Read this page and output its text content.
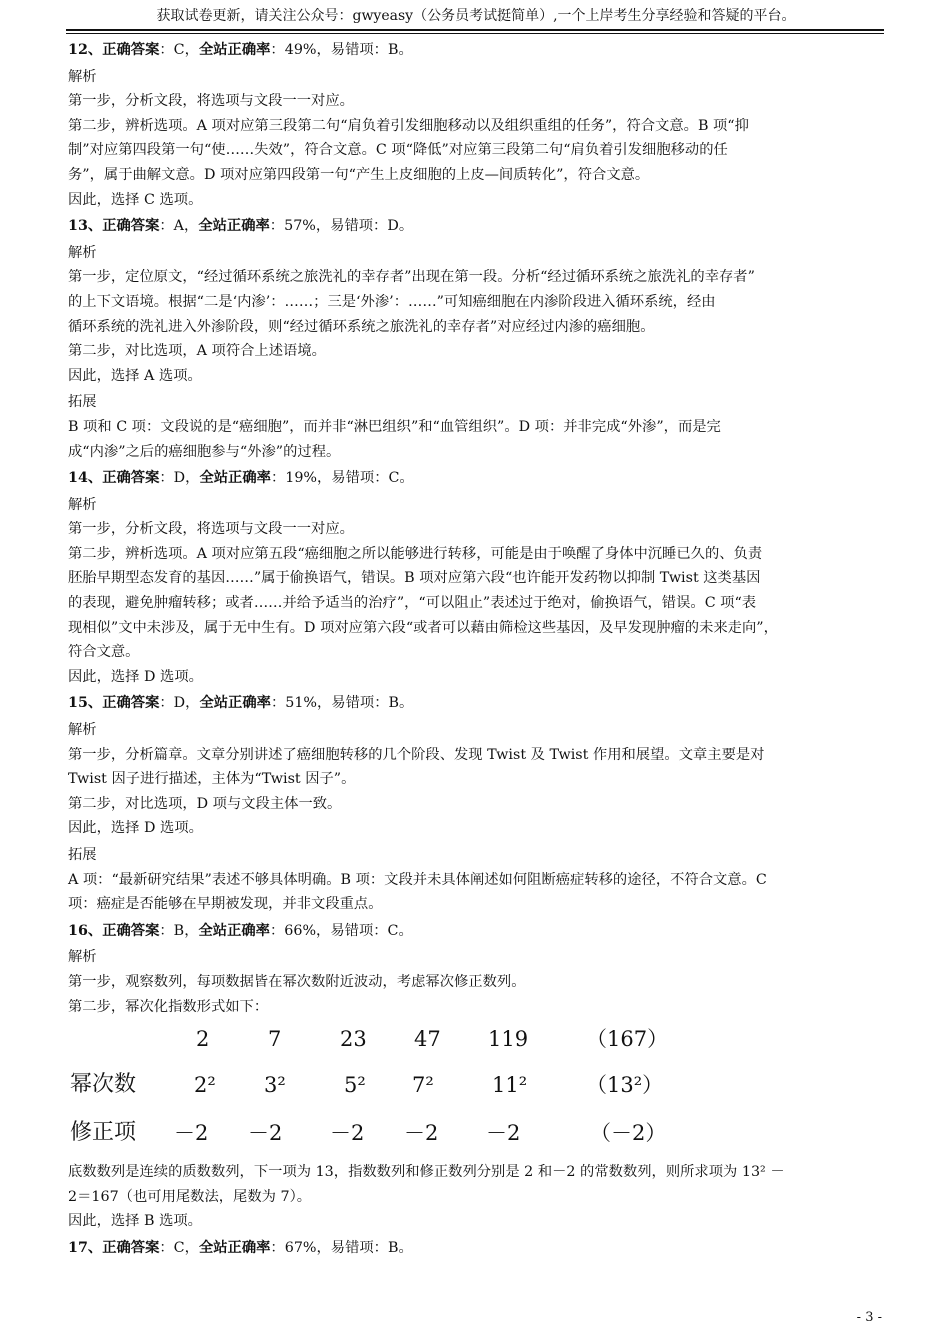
获取试卷更新，请关注公众号：gwyeasy（公务员考试挺简单）,一个上岸考生分享经验和答疑的平台。
12、正确答案：C，全站正确率：49%，易错项：B。
解析
第一步，分析文段，将选项与文段一一对应。
第二步，辨析选项。A 项对应第三段第二句“肩负着引发细胞移动以及组织重组的任务”，符合文意。B 项“抑
制”对应第四段第一句“使……失效”，符合文意。C 项“降低”对应第三段第二句“肩负着引发细胞移动的任
务”，属于曲解文意。D 项对应第四段第一句“产生上皮细胞的上皮—间质转化”，符合文意。
因此，选择 C 选项。
13、正确答案：A，全站正确率：57%，易错项：D。
解析
第一步，定位原文，“经过循环系统之旅洗礼的幸存者”出现在第一段。分析“经过循环系统之旅洗礼的幸存者”
的上下文语境。根据“二是‘内渗’：……；三是‘外渗’：……”可知癌细胞在内渗阶段进入循环系统，经由
循环系统的洗礼进入外渗阶段，则“经过循环系统之旅洗礼的幸存者”对应经过内渗的癌细胞。
第二步，对比选项，A 项符合上述语境。
因此，选择 A 选项。
拓展
B 项和 C 项：文段说的是“癌细胞”，而并非“淋巴组织”和“血管组织”。D 项：并非完成“外渗”，而是完
成“内渗”之后的癌细胞参与“外渗”的过程。
14、正确答案：D，全站正确率：19%，易错项：C。
解析
第一步，分析文段，将选项与文段一一对应。
第二步，辨析选项。A 项对应第五段“癌细胞之所以能够进行转移，可能是由于唤醒了身体中沉睡已久的、负责
胚胎早期型态发育的基因……”属于偷换语气，错误。B 项对应第六段“也许能开发药物以抑制 Twist 这类基因
的表现，避免肿瘤转移；或者……并给予适当的治疗”，“可以阻止”表述过于绝对，偷换语气，错误。C 项“表
现相似”文中未涉及，属于无中生有。D 项对应第六段“或者可以藉由筛检这些基因，及早发现肿瘤的未来走向”，
符合文意。
因此，选择 D 选项。
15、正确答案：D，全站正确率：51%，易错项：B。
解析
第一步，分析篇章。文章分别讲述了癌细胞转移的几个阶段、发现 Twist 及 Twist 作用和展望。文章主要是对
Twist 因子进行描述，主体为“Twist 因子”。
第二步，对比选项，D 项与文段主体一致。
因此，选择 D 选项。
拓展
A 项：“最新研究结果”表述不够具体明确。B 项：文段并未具体阐述如何阻断癌症转移的途径，不符合文意。C
项：癌症是否能够在早期被发现，并非文段重点。
16、正确答案：B，全站正确率：66%，易错项：C。
解析
第一步，观察数列，每项数据皆在幂次数附近波动，考虑幂次修正数列。
第二步，幂次化指数形式如下：
2	7	23 47 119	（167）
幂次数	2² 3²	5² 7²	11²	（13²）
修正项 －2 －2 －2 －2 －2	（－2）
底数数列是连续的质数数列，下一项为 13，指数数列和修正数列分别是 2 和－2 的常数数列，则所求项为 13² －
2＝167（也可用尾数法，尾数为 7）。
因此，选择 B 选项。
17、正确答案：C，全站正确率：67%，易错项：B。
- 3 -
